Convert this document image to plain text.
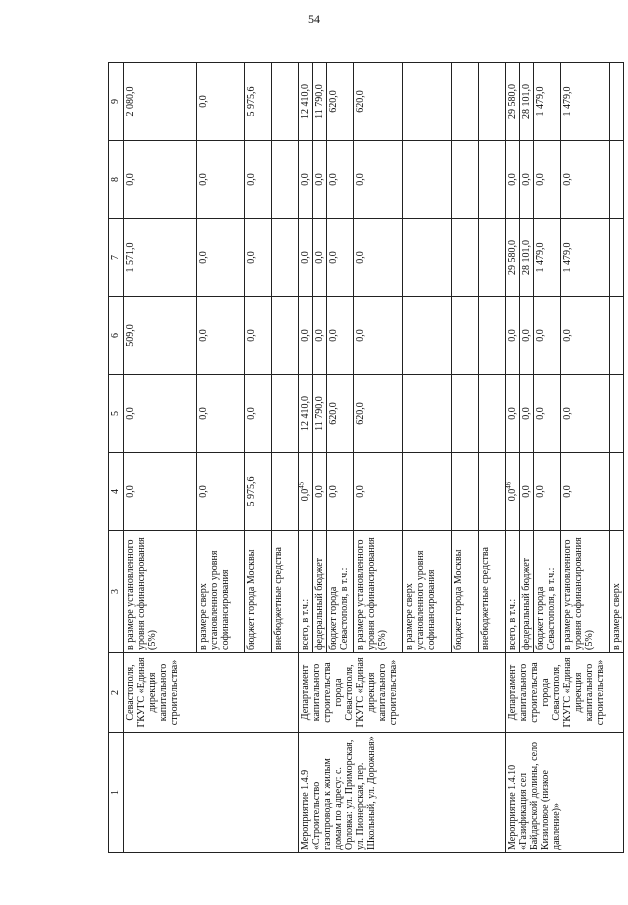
54
1	2	3	4	5	6	7	8	9
	Севастополя, ГКУГС «Единая дирекция капитального строительства»	в размере установленного уровня софинансирования (5%)	0,0	0,0	509,0	1 571,0	0,0	2 080,0
		в размере сверх установленного уровня софинансирования	0,0	0,0	0,0	0,0	0,0	0,0
		бюджет города Москвы	5 975,6	0,0	0,0	0,0	0,0	5 975,6
		внебюджетные средства						
Мероприятие 1.4.9 «Строительство газопровода к жилым домам по адресу: с. Орловка: ул. Приморская, ул. Пионерская, пер. Школьный, ул. Дорожная»	Департамент капитального строительства города Севастополя, ГКУГС «Единая дирекция капитального строительства»	всего, в т.ч.:	$0,0^{45}$	12 410,0	0,0	0,0	0,0	12 410,0
		федеральный бюджет	0,0	11 790,0	0,0	0,0	0,0	11 790,0
		бюджет города Севастополя, в т.ч.:	0,0	620,0	0,0	0,0	0,0	620,0
		в размере установленного уровня софинансирования (5%)	0,0	620,0	0,0	0,0	0,0	620,0
		в размере сверх установленного уровня софинансирования						
		бюджет города Москвы						
		внебюджетные средства						
Мероприятие 1.4.10 «Газификация сел Байдарской долины, село Кизиловое (низкое давление)»	Департамент капитального строительства города Севастополя, ГКУГС «Единая дирекция капитального строительства»	всего, в т.ч.:	$0,0^{46}$	0,0	0,0	29 580,0	0,0	29 580,0
		федеральный бюджет	0,0	0,0	0,0	28 101,0	0,0	28 101,0
		бюджет города Севастополя, в т.ч.:	0,0	0,0	0,0	1 479,0	0,0	1 479,0
		в размере установленного уровня софинансирования (5%)	0,0	0,0	0,0	1 479,0	0,0	1 479,0
		в размере сверх						
